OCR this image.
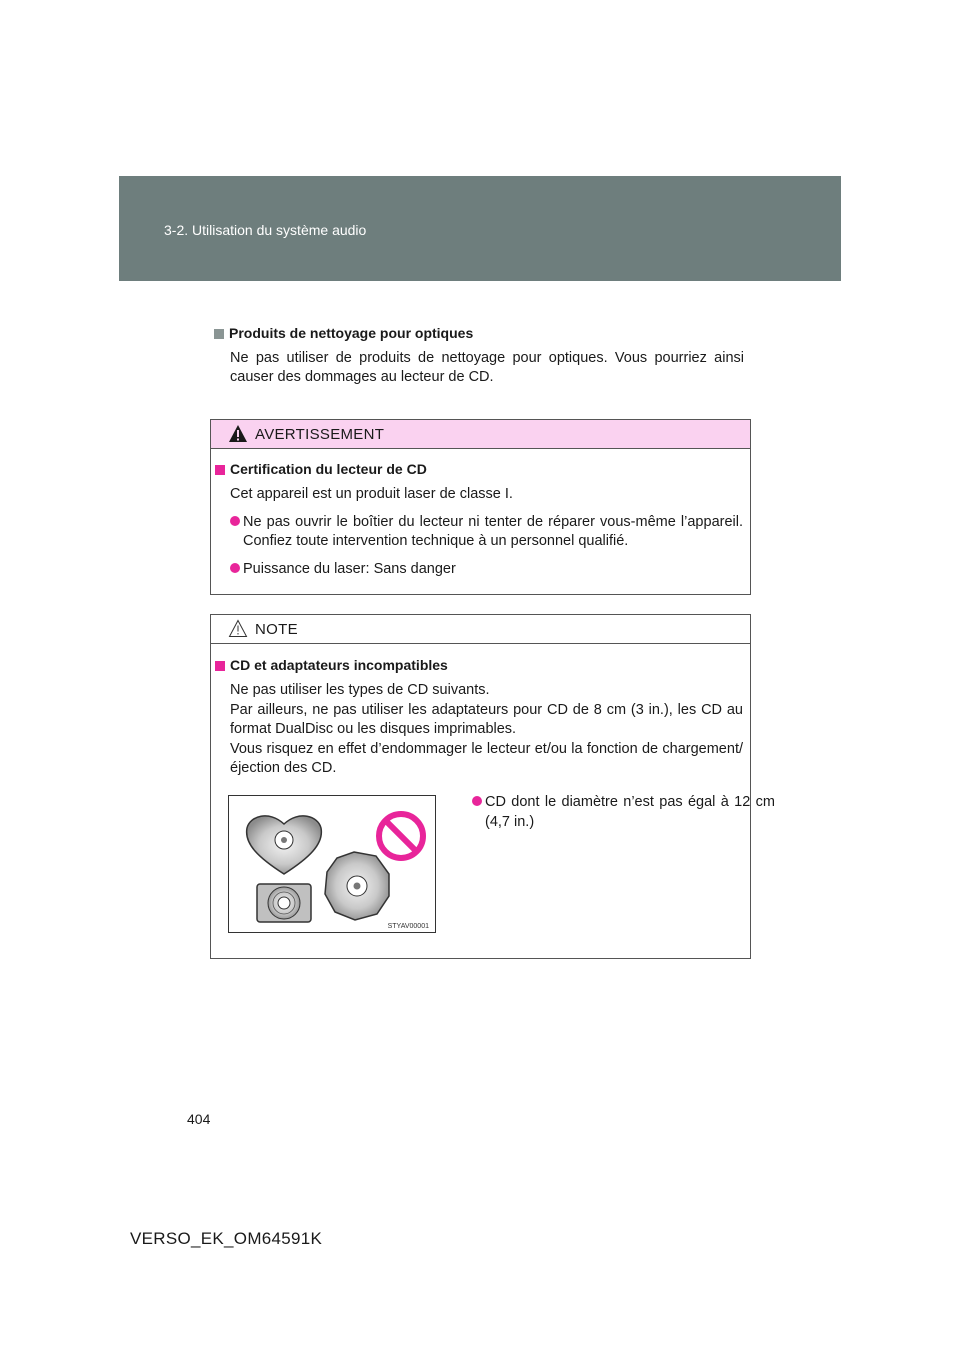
3-2. Utilisation du système audio

Produits de nettoyage pour optiques

Ne pas utiliser de produits de nettoyage pour optiques. Vous pourriez ainsi causer des dommages au lecteur de CD.

AVERTISSEMENT

Certification du lecteur de CD

Cet appareil est un produit laser de classe I.

Ne pas ouvrir le boîtier du lecteur ni tenter de réparer vous-même l’appareil. Confiez toute intervention technique à un personnel qualifié.
Puissance du laser: Sans danger
NOTE

CD et adaptateurs incompatibles

Ne pas utiliser les types de CD suivants.

Par ailleurs, ne pas utiliser les adaptateurs pour CD de 8 cm (3 in.), les CD au format DualDisc ou les disques imprimables.

Vous risquez en effet d’endommager le lecteur et/ou la fonction de chargement/éjection des CD.

STYAV00001
CD dont le diamètre n’est pas égal à 12 cm (4,7 in.)
404
VERSO_EK_OM64591K
